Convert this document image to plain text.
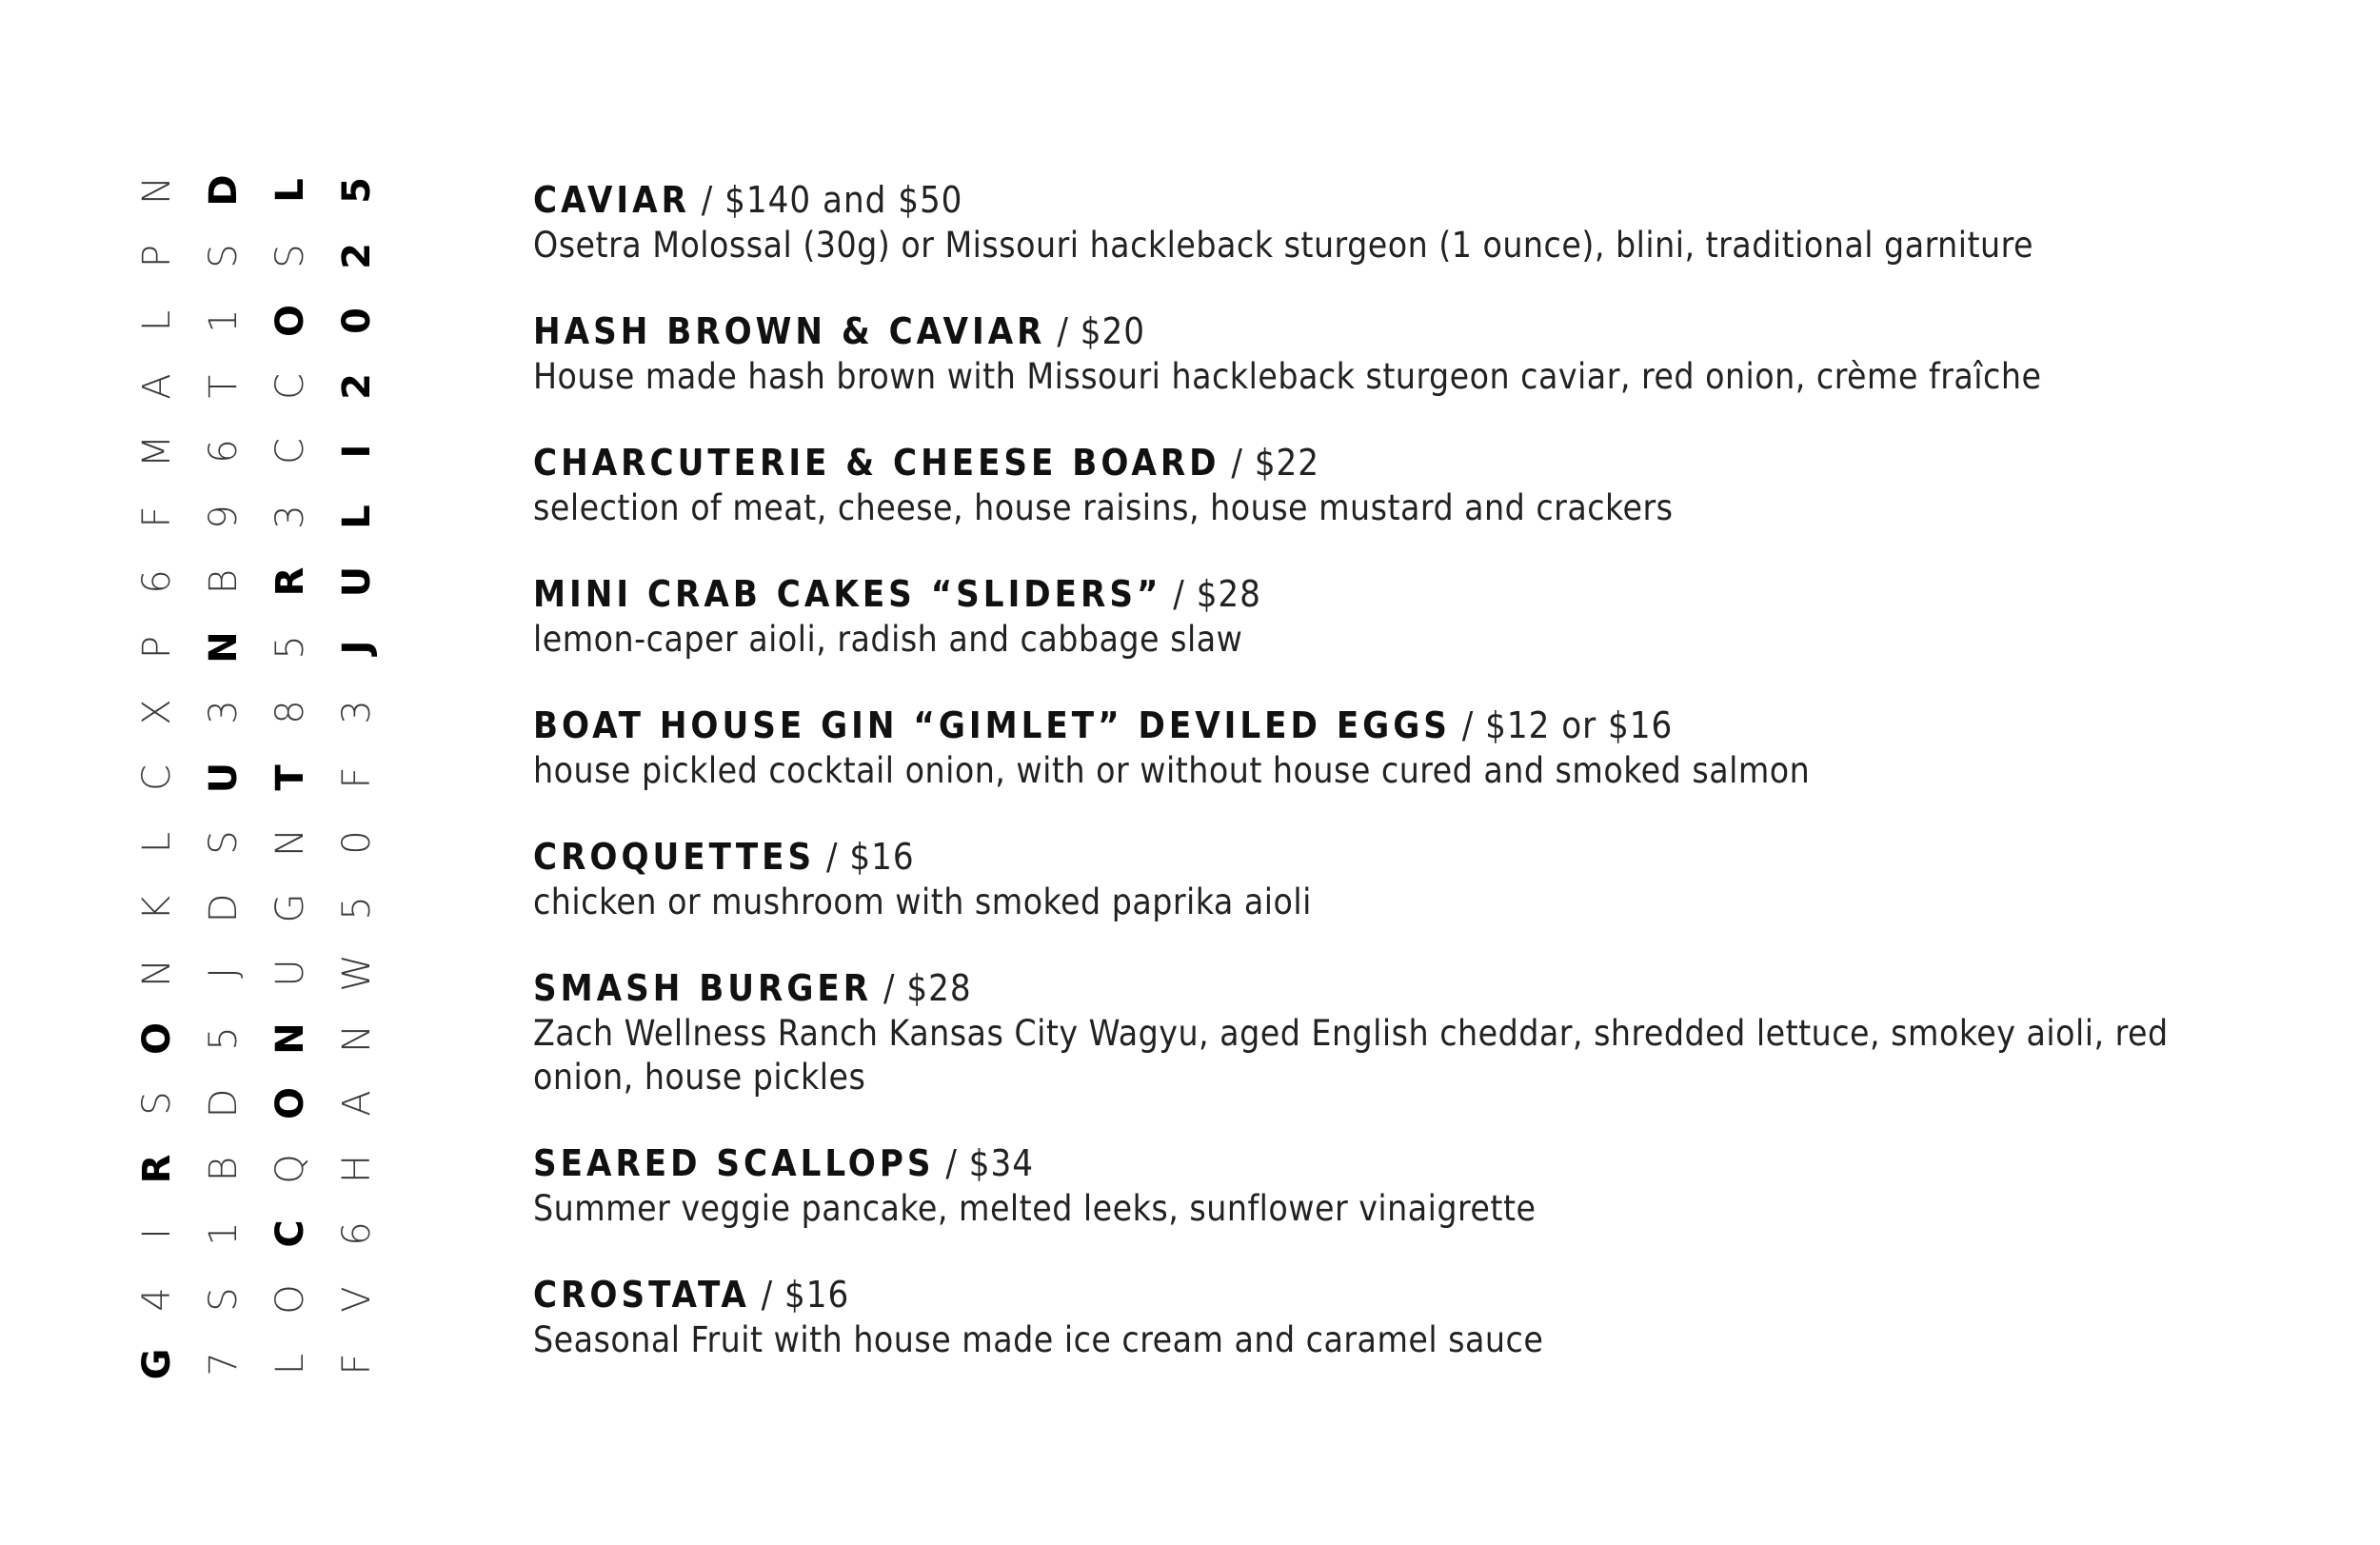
N
P
L
A
M
F
6
P
X
C
L
K
N
O
S
R
I
4
G
D
S
1
T
6
9
B
N
3
U
S
D
J
5
D
B
1
S
7
L
S
O
C
C
3
R
5
8
T
N
G
U
N
O
Q
C
O
L
5
2
0
2
I
L
U
J
3
F
0
5
W
N
A
H
6
V
F
CAVIAR / $140 and $50
Osetra Molossal (30g) or Missouri hackleback sturgeon (1 ounce), blini, traditional garniture
HASH BROWN & CAVIAR / $20
House made hash brown with Missouri hackleback sturgeon caviar, red onion, crème fraîche
CHARCUTERIE & CHEESE BOARD / $22
selection of meat, cheese, house raisins, house mustard and crackers
MINI CRAB CAKES “SLIDERS” / $28
lemon-caper aioli, radish and cabbage slaw
BOAT HOUSE GIN “GIMLET” DEVILED EGGS / $12 or $16
house pickled cocktail onion, with or without house cured and smoked salmon
CROQUETTES / $16
chicken or mushroom with smoked paprika aioli
SMASH BURGER / $28
Zach Wellness Ranch Kansas City Wagyu, aged English cheddar, shredded lettuce, smokey aioli, red onion, house pickles
SEARED SCALLOPS / $34
Summer veggie pancake, melted leeks, sunflower vinaigrette
CROSTATA / $16
Seasonal Fruit with house made ice cream and caramel sauce
